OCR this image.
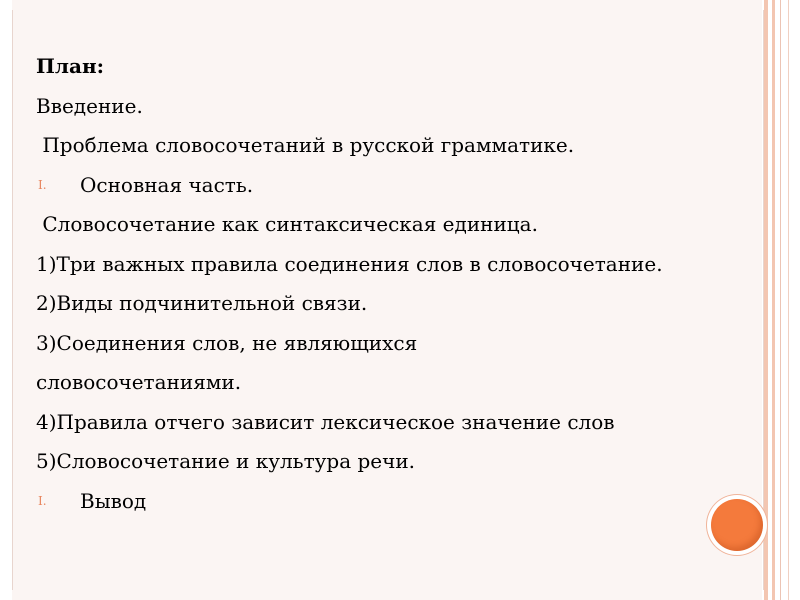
План:
Введение.
Проблема словосочетаний в русской грамматике.
I. Основная часть.
Словосочетание как синтаксическая единица.
1)Три важных правила соединения слов в словосочетание.
2)Виды подчинительной связи.
3)Соединения слов, не являющихся
словосочетаниями.
4)Правила отчего зависит лексическое значение слов
5)Словосочетание и культура речи.
I. Вывод
